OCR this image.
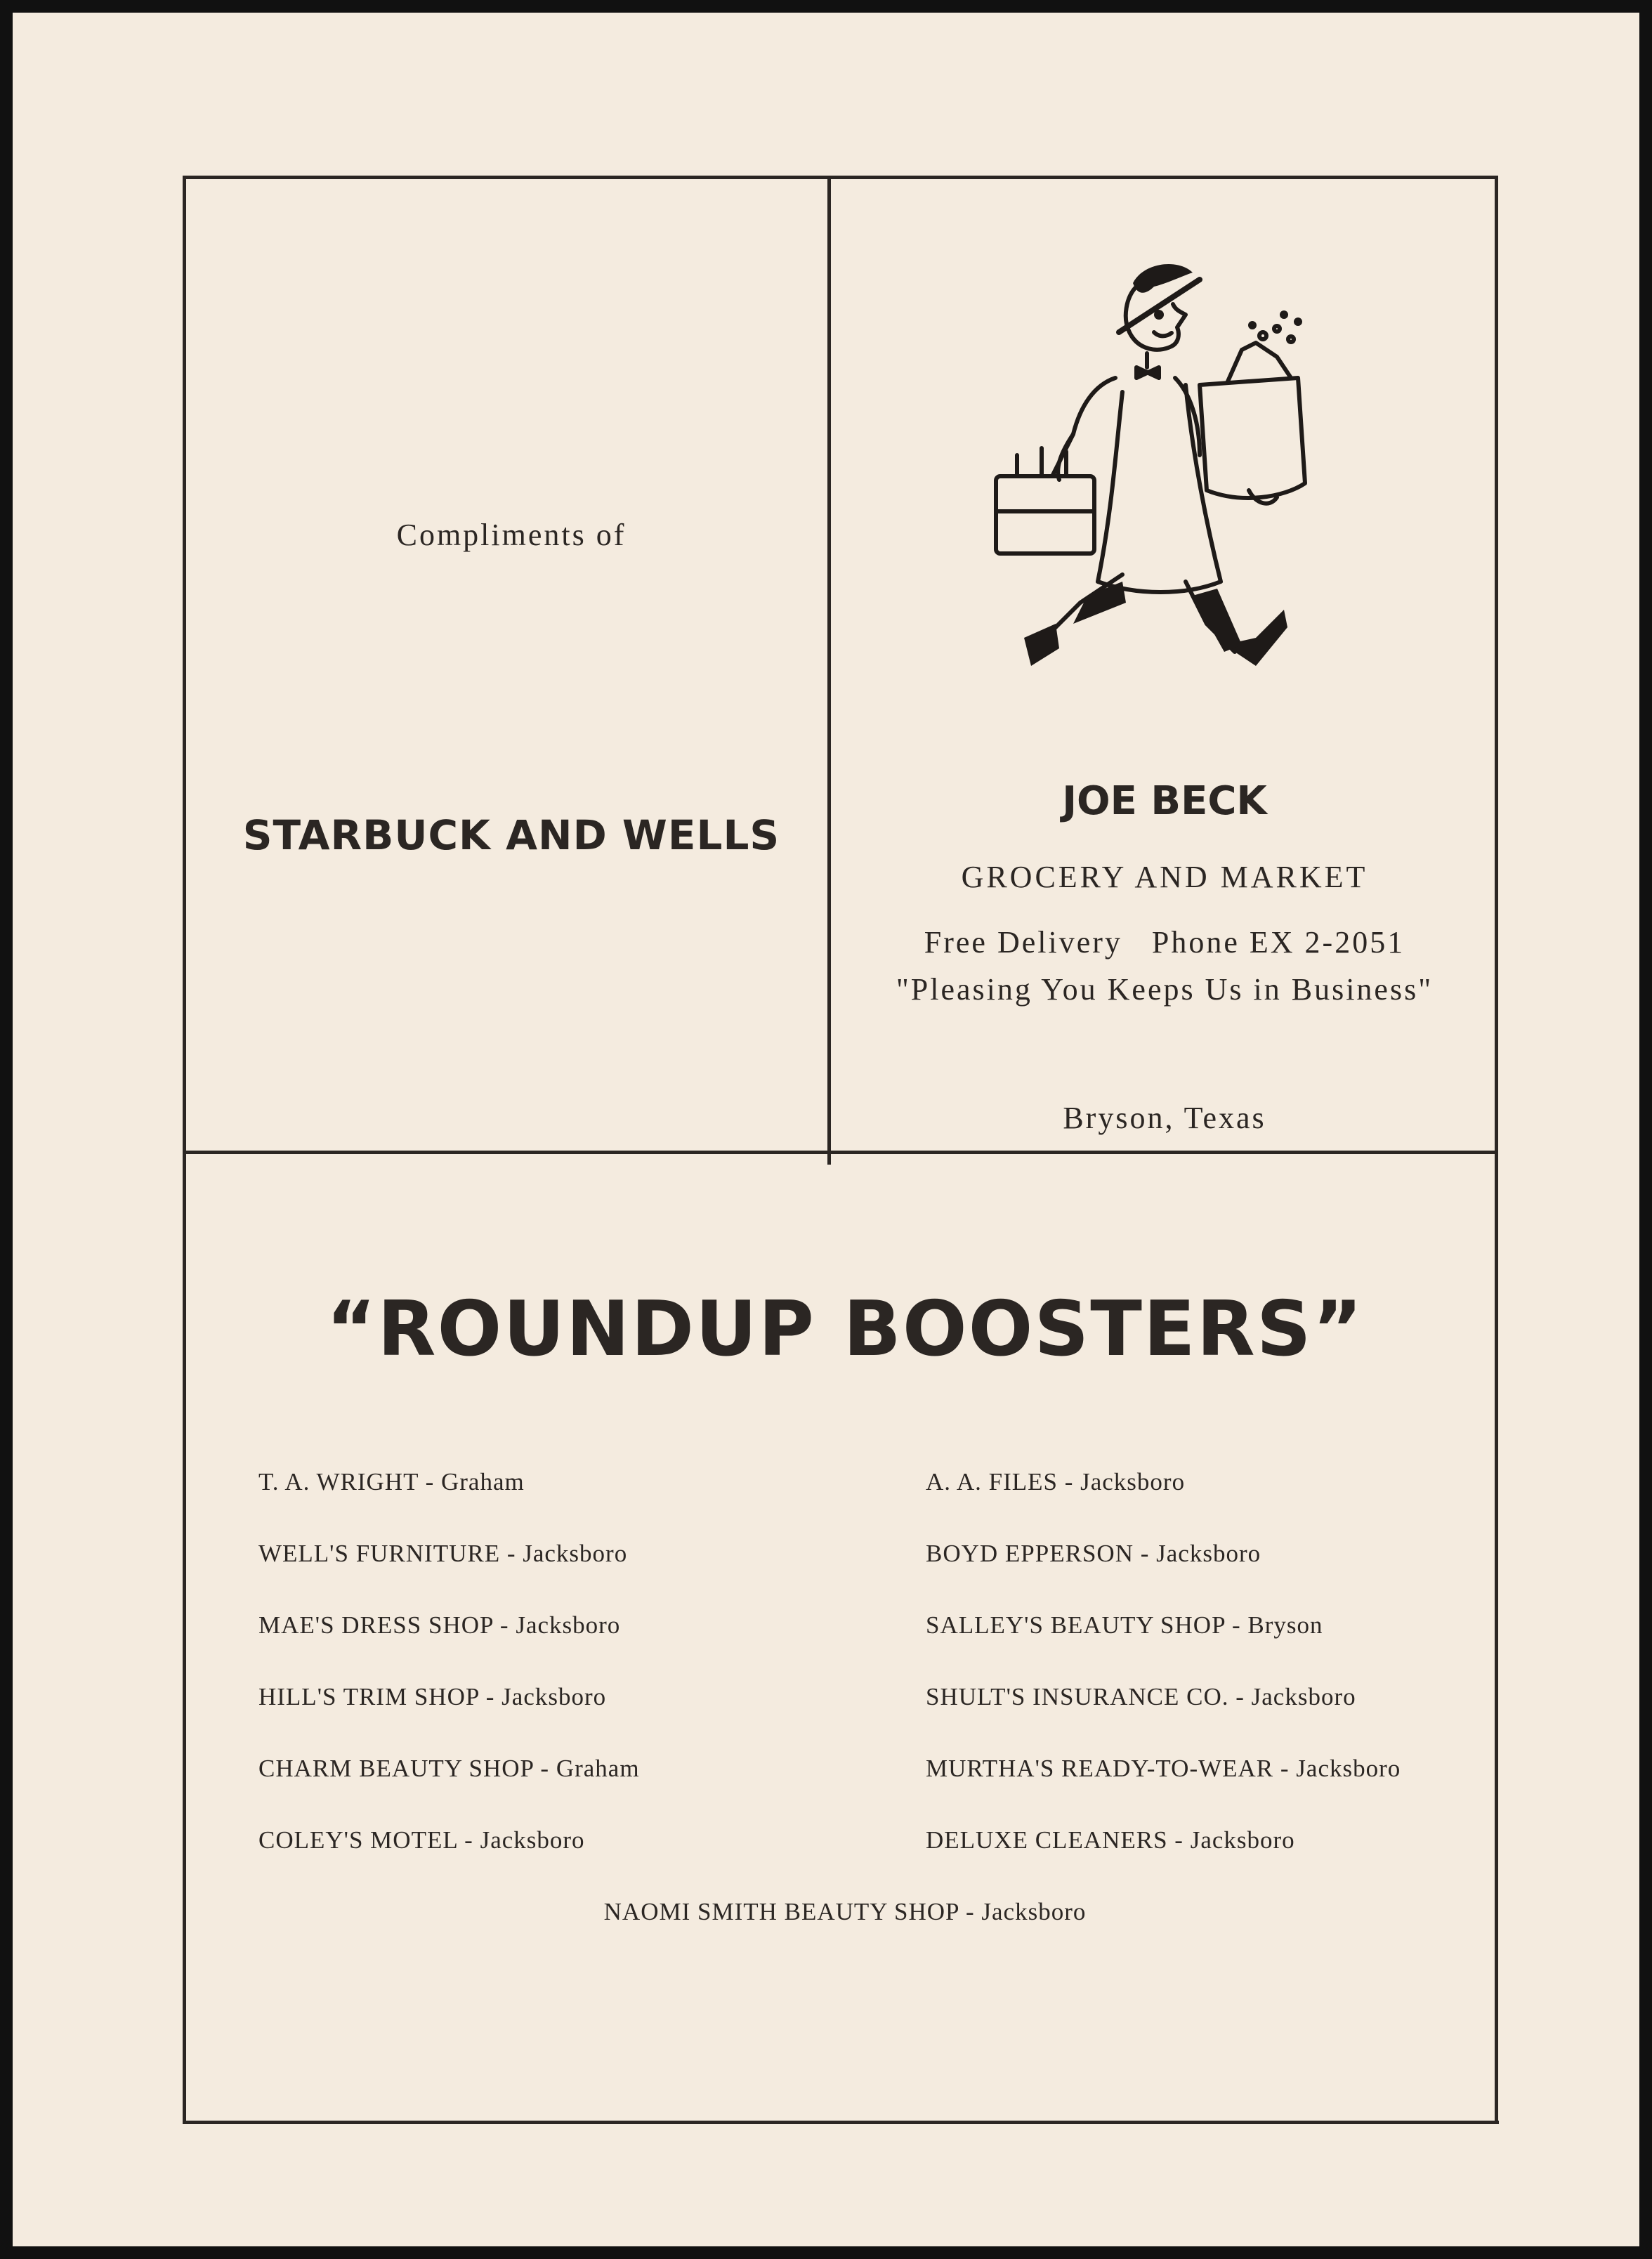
Compliments of
STARBUCK AND WELLS
JOE BECK
GROCERY AND MARKET
Free Delivery   Phone EX 2-2051
"Pleasing You Keeps Us in Business"
Bryson, Texas
“ROUNDUP BOOSTERS”
T. A. WRIGHT - Graham
WELL'S FURNITURE - Jacksboro
MAE'S DRESS SHOP - Jacksboro
HILL'S TRIM SHOP - Jacksboro
CHARM BEAUTY SHOP - Graham
COLEY'S MOTEL - Jacksboro
A. A. FILES - Jacksboro
BOYD EPPERSON - Jacksboro
SALLEY'S BEAUTY SHOP - Bryson
SHULT'S INSURANCE CO. - Jacksboro
MURTHA'S READY-TO-WEAR - Jacksboro
DELUXE CLEANERS - Jacksboro
NAOMI SMITH BEAUTY SHOP - Jacksboro
